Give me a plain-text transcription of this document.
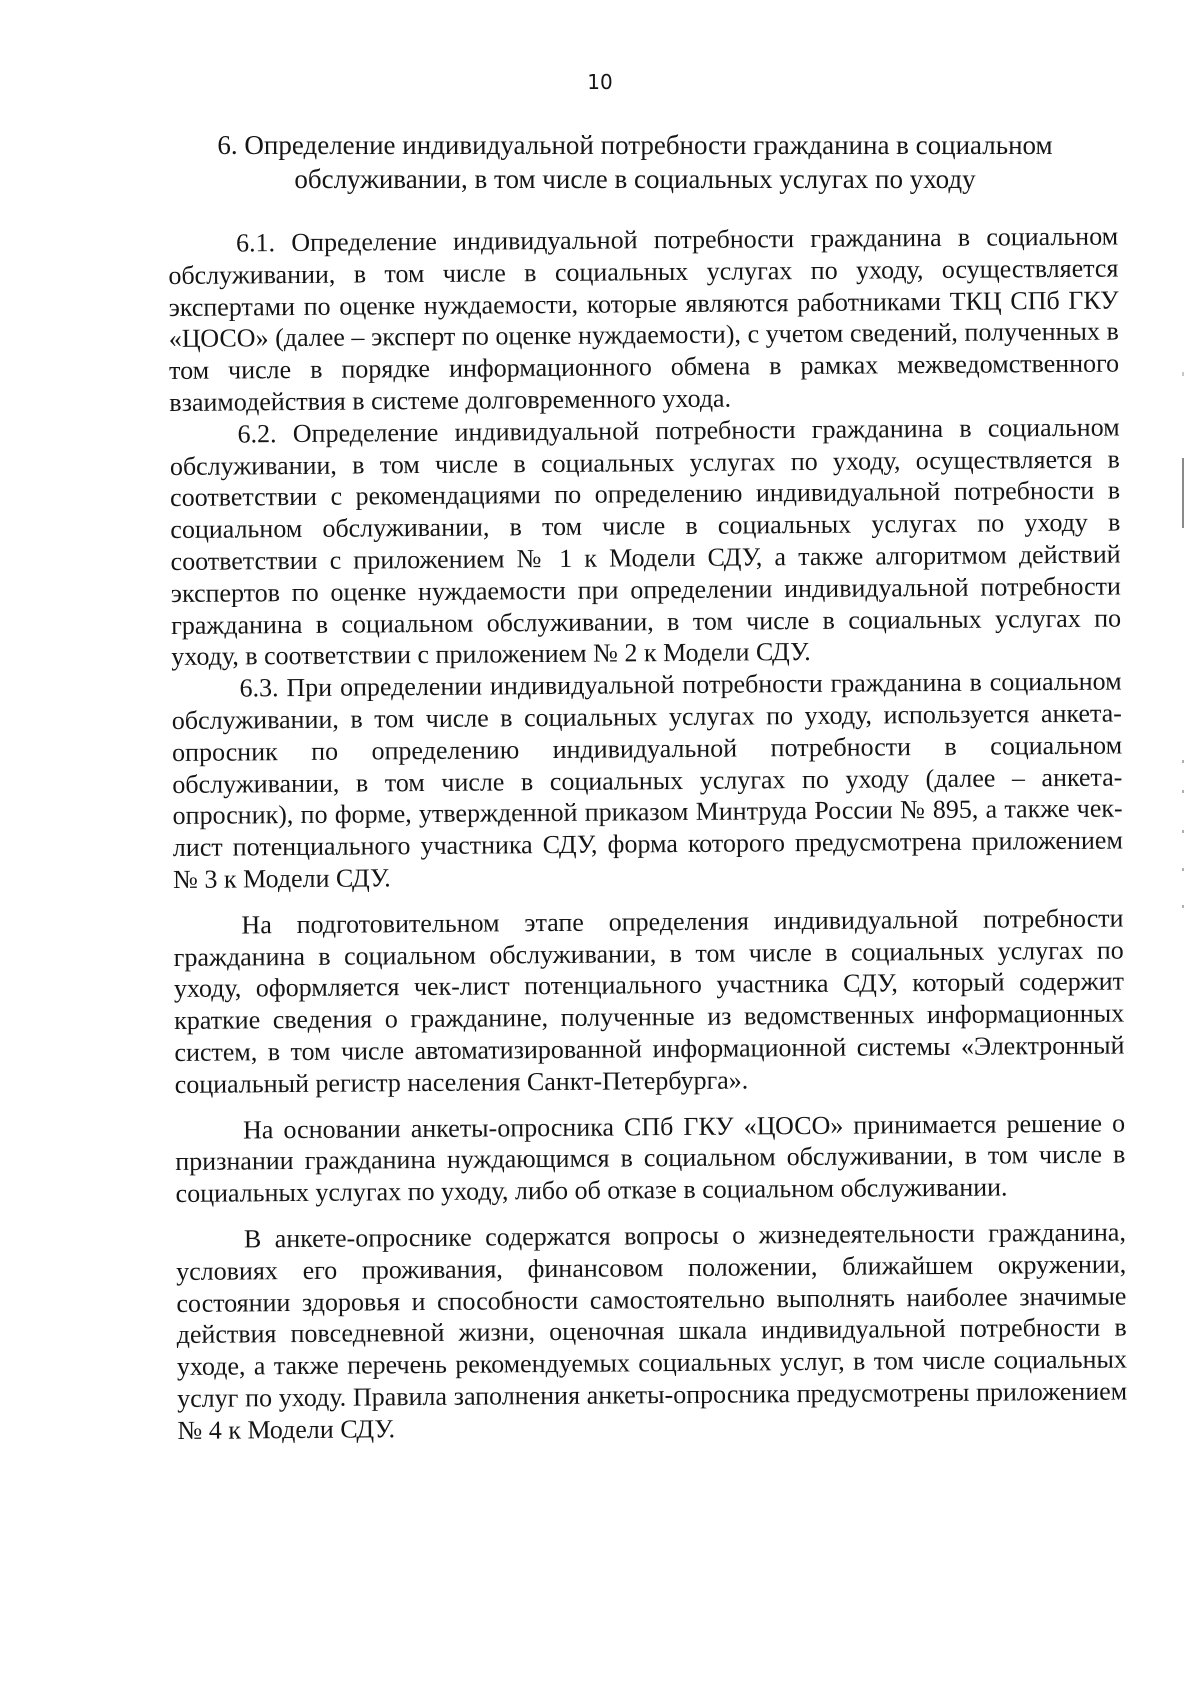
10
6. Определение индивидуальной потребности гражданина в социальном
обслуживании, в том числе в социальных услугах по уходу

6.1. Определение индивидуальной потребности гражданина в социальном обслуживании, в том числе в социальных услугах по уходу, осуществляется экспертами по оценке нуждаемости, которые являются работниками ТКЦ СПб ГКУ «ЦОСО» (далее – эксперт по оценке нуждаемости), с учетом сведений, полученных в том числе в порядке информационного обмена в рамках межведомственного взаимодействия в системе долговременного ухода.

6.2. Определение индивидуальной потребности гражданина в социальном обслуживании, в том числе в социальных услугах по уходу, осуществляется в соответствии с рекомендациями по определению индивидуальной потребности в социальном обслуживании, в том числе в социальных услугах по уходу в соответствии с приложением № 1 к Модели СДУ, а также алгоритмом действий экспертов по оценке нуждаемости при определении индивидуальной потребности гражданина в социальном обслуживании, в том числе в социальных услугах по уходу, в соответствии с приложением № 2 к Модели СДУ.

6.3. При определении индивидуальной потребности гражданина в социальном обслуживании, в том числе в социальных услугах по уходу, используется анкета-опросник по определению индивидуальной потребности в социальном обслуживании, в том числе в социальных услугах по уходу (далее – анкета-опросник), по форме, утвержденной приказом Минтруда России № 895, а также чек-лист потенциального участника СДУ, форма которого предусмотрена приложением № 3 к Модели СДУ.

На подготовительном этапе определения индивидуальной потребности гражданина в социальном обслуживании, в том числе в социальных услугах по уходу, оформляется чек-лист потенциального участника СДУ, который содержит краткие сведения о гражданине, полученные из ведомственных информационных систем, в том числе автоматизированной информационной системы «Электронный социальный регистр населения Санкт-Петербурга».

На основании анкеты-опросника СПб ГКУ «ЦОСО» принимается решение о признании гражданина нуждающимся в социальном обслуживании, в том числе в социальных услугах по уходу, либо об отказе в социальном обслуживании.

В анкете-опроснике содержатся вопросы о жизнедеятельности гражданина, условиях его проживания, финансовом положении, ближайшем окружении, состоянии здоровья и способности самостоятельно выполнять наиболее значимые действия повседневной жизни, оценочная шкала индивидуальной потребности в уходе, а также перечень рекомендуемых социальных услуг, в том числе социальных услуг по уходу. Правила заполнения анкеты-опросника предусмотрены приложением № 4 к Модели СДУ.
